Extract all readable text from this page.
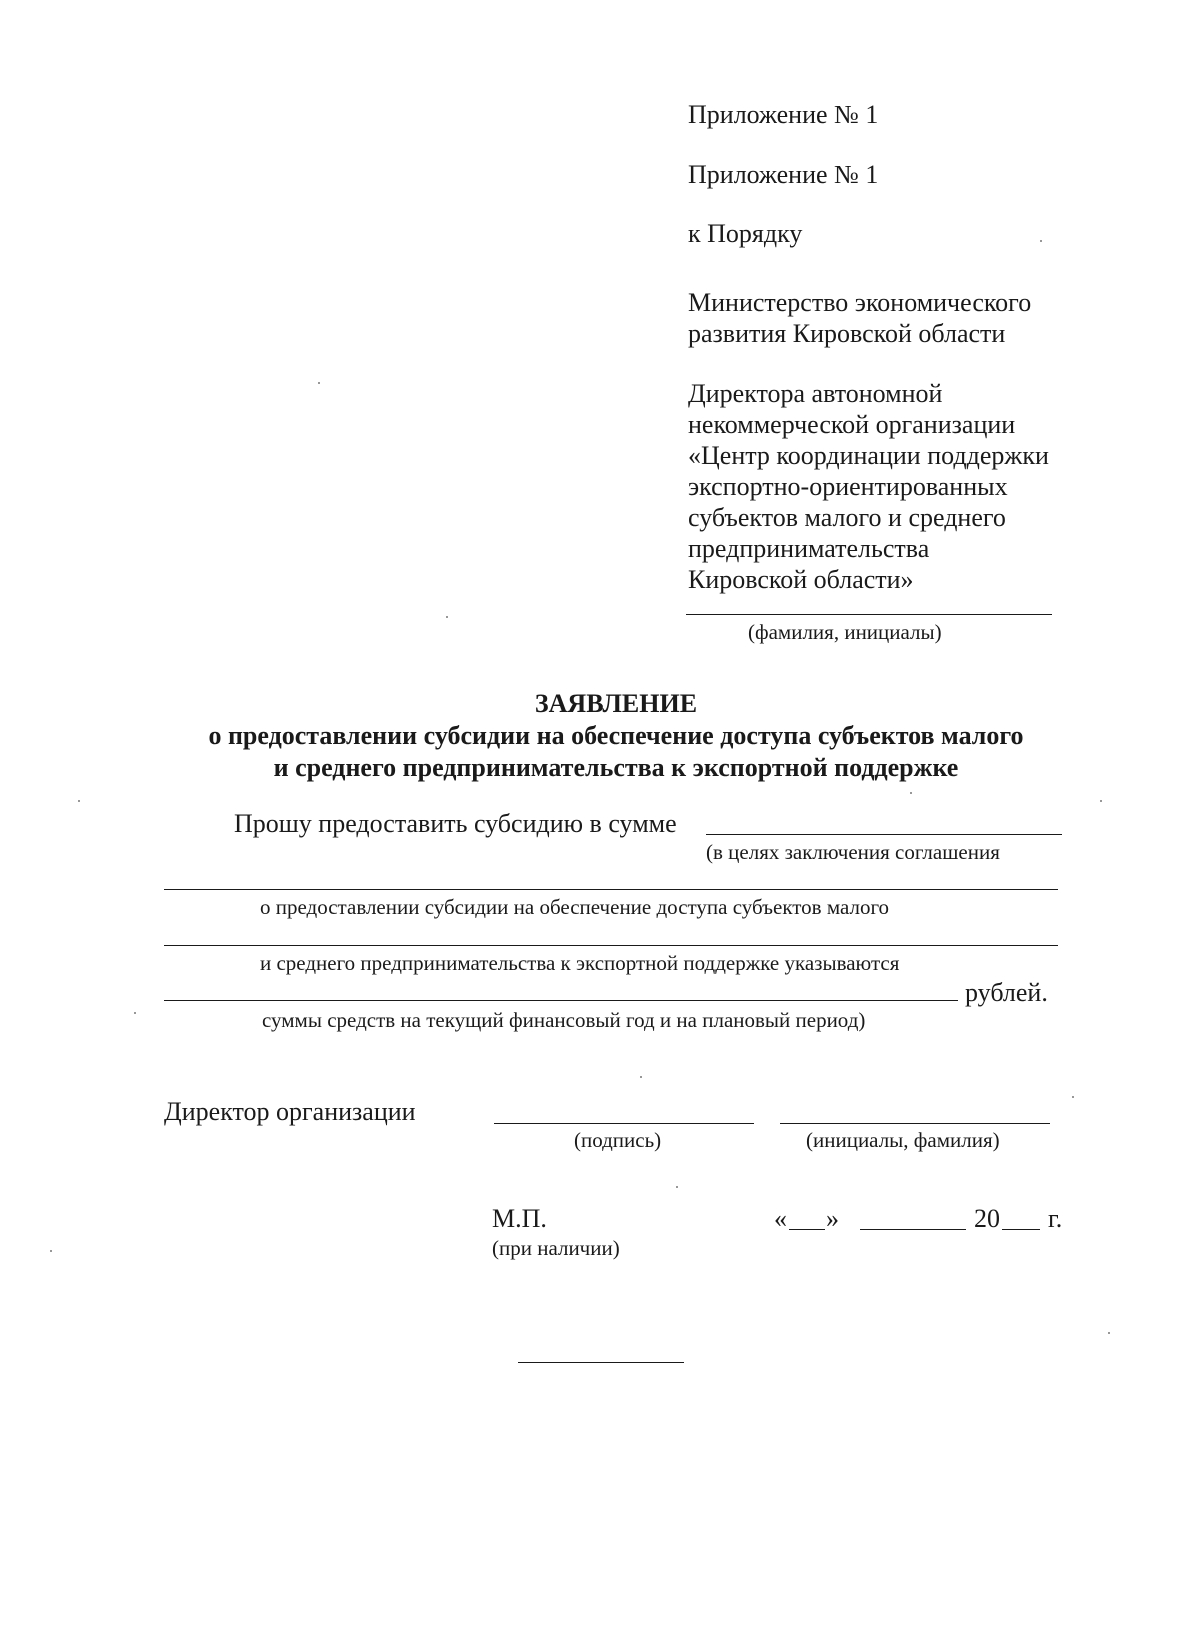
Приложение № 1
Приложение № 1
к Порядку
Министерство экономического
развития Кировской области
Директора автономной
некоммерческой организации
«Центр координации поддержки
экспортно-ориентированных
субъектов малого и среднего
предпринимательства
Кировской области»
(фамилия, инициалы)
ЗАЯВЛЕНИЕ
о предоставлении субсидии на обеспечение доступа субъектов малого
и среднего предпринимательства к экспортной поддержке
Прошу предоставить субсидию в сумме
(в целях заключения соглашения
о предоставлении субсидии на обеспечение доступа субъектов малого
и среднего предпринимательства к экспортной поддержке указываются
рублей.
суммы средств на текущий финансовый год и на плановый период)
Директор организации
(подпись)	(инициалы, фамилия)
М.П.
(при наличии)
« »	20 г.
